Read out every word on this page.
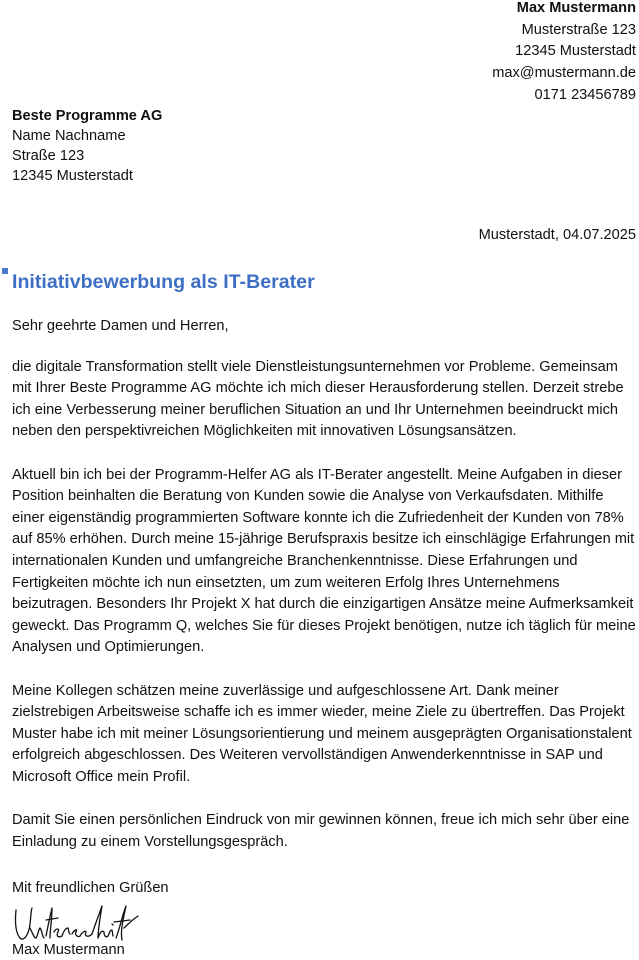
Max Mustermann
Musterstraße 123
12345 Musterstadt
max@mustermann.de
0171 23456789
Beste Programme AG
Name Nachname
Straße 123
12345 Musterstadt
Musterstadt, 04.07.2025
Initiativbewerbung als IT-Berater

Sehr geehrte Damen und Herren,

die digitale Transformation stellt viele Dienstleistungsunternehmen vor Probleme. Gemeinsam mit Ihrer Beste Programme AG möchte ich mich dieser Herausforderung stellen. Derzeit strebe ich eine Verbesserung meiner beruflichen Situation an und Ihr Unternehmen beeindruckt mich neben den perspektivreichen Möglichkeiten mit innovativen Lösungsansätzen.

Aktuell bin ich bei der Programm-Helfer AG als IT-Berater angestellt. Meine Aufgaben in dieser Position beinhalten die Beratung von Kunden sowie die Analyse von Verkaufsdaten. Mithilfe einer eigenständig programmierten Software konnte ich die Zufriedenheit der Kunden von 78% auf 85% erhöhen. Durch meine 15-jährige Berufspraxis besitze ich einschlägige Erfahrungen mit internationalen Kunden und umfangreiche Branchenkenntnisse. Diese Erfahrungen und Fertigkeiten möchte ich nun einsetzten, um zum weiteren Erfolg Ihres Unternehmens beizutragen. Besonders Ihr Projekt X hat durch die einzigartigen Ansätze meine Aufmerksamkeit geweckt. Das Programm Q, welches Sie für dieses Projekt benötigen, nutze ich täglich für meine Analysen und Optimierungen.

Meine Kollegen schätzen meine zuverlässige und aufgeschlossene Art. Dank meiner zielstrebigen Arbeitsweise schaffe ich es immer wieder, meine Ziele zu übertreffen. Das Projekt Muster habe ich mit meiner Lösungsorientierung und meinem ausgeprägten Organisationstalent erfolgreich abgeschlossen. Des Weiteren vervollständigen Anwenderkenntnisse in SAP und Microsoft Office mein Profil.

Damit Sie einen persönlichen Eindruck von mir gewinnen können, freue ich mich sehr über eine Einladung zu einem Vorstellungsgespräch.

Mit freundlichen Grüßen
Max Mustermann
